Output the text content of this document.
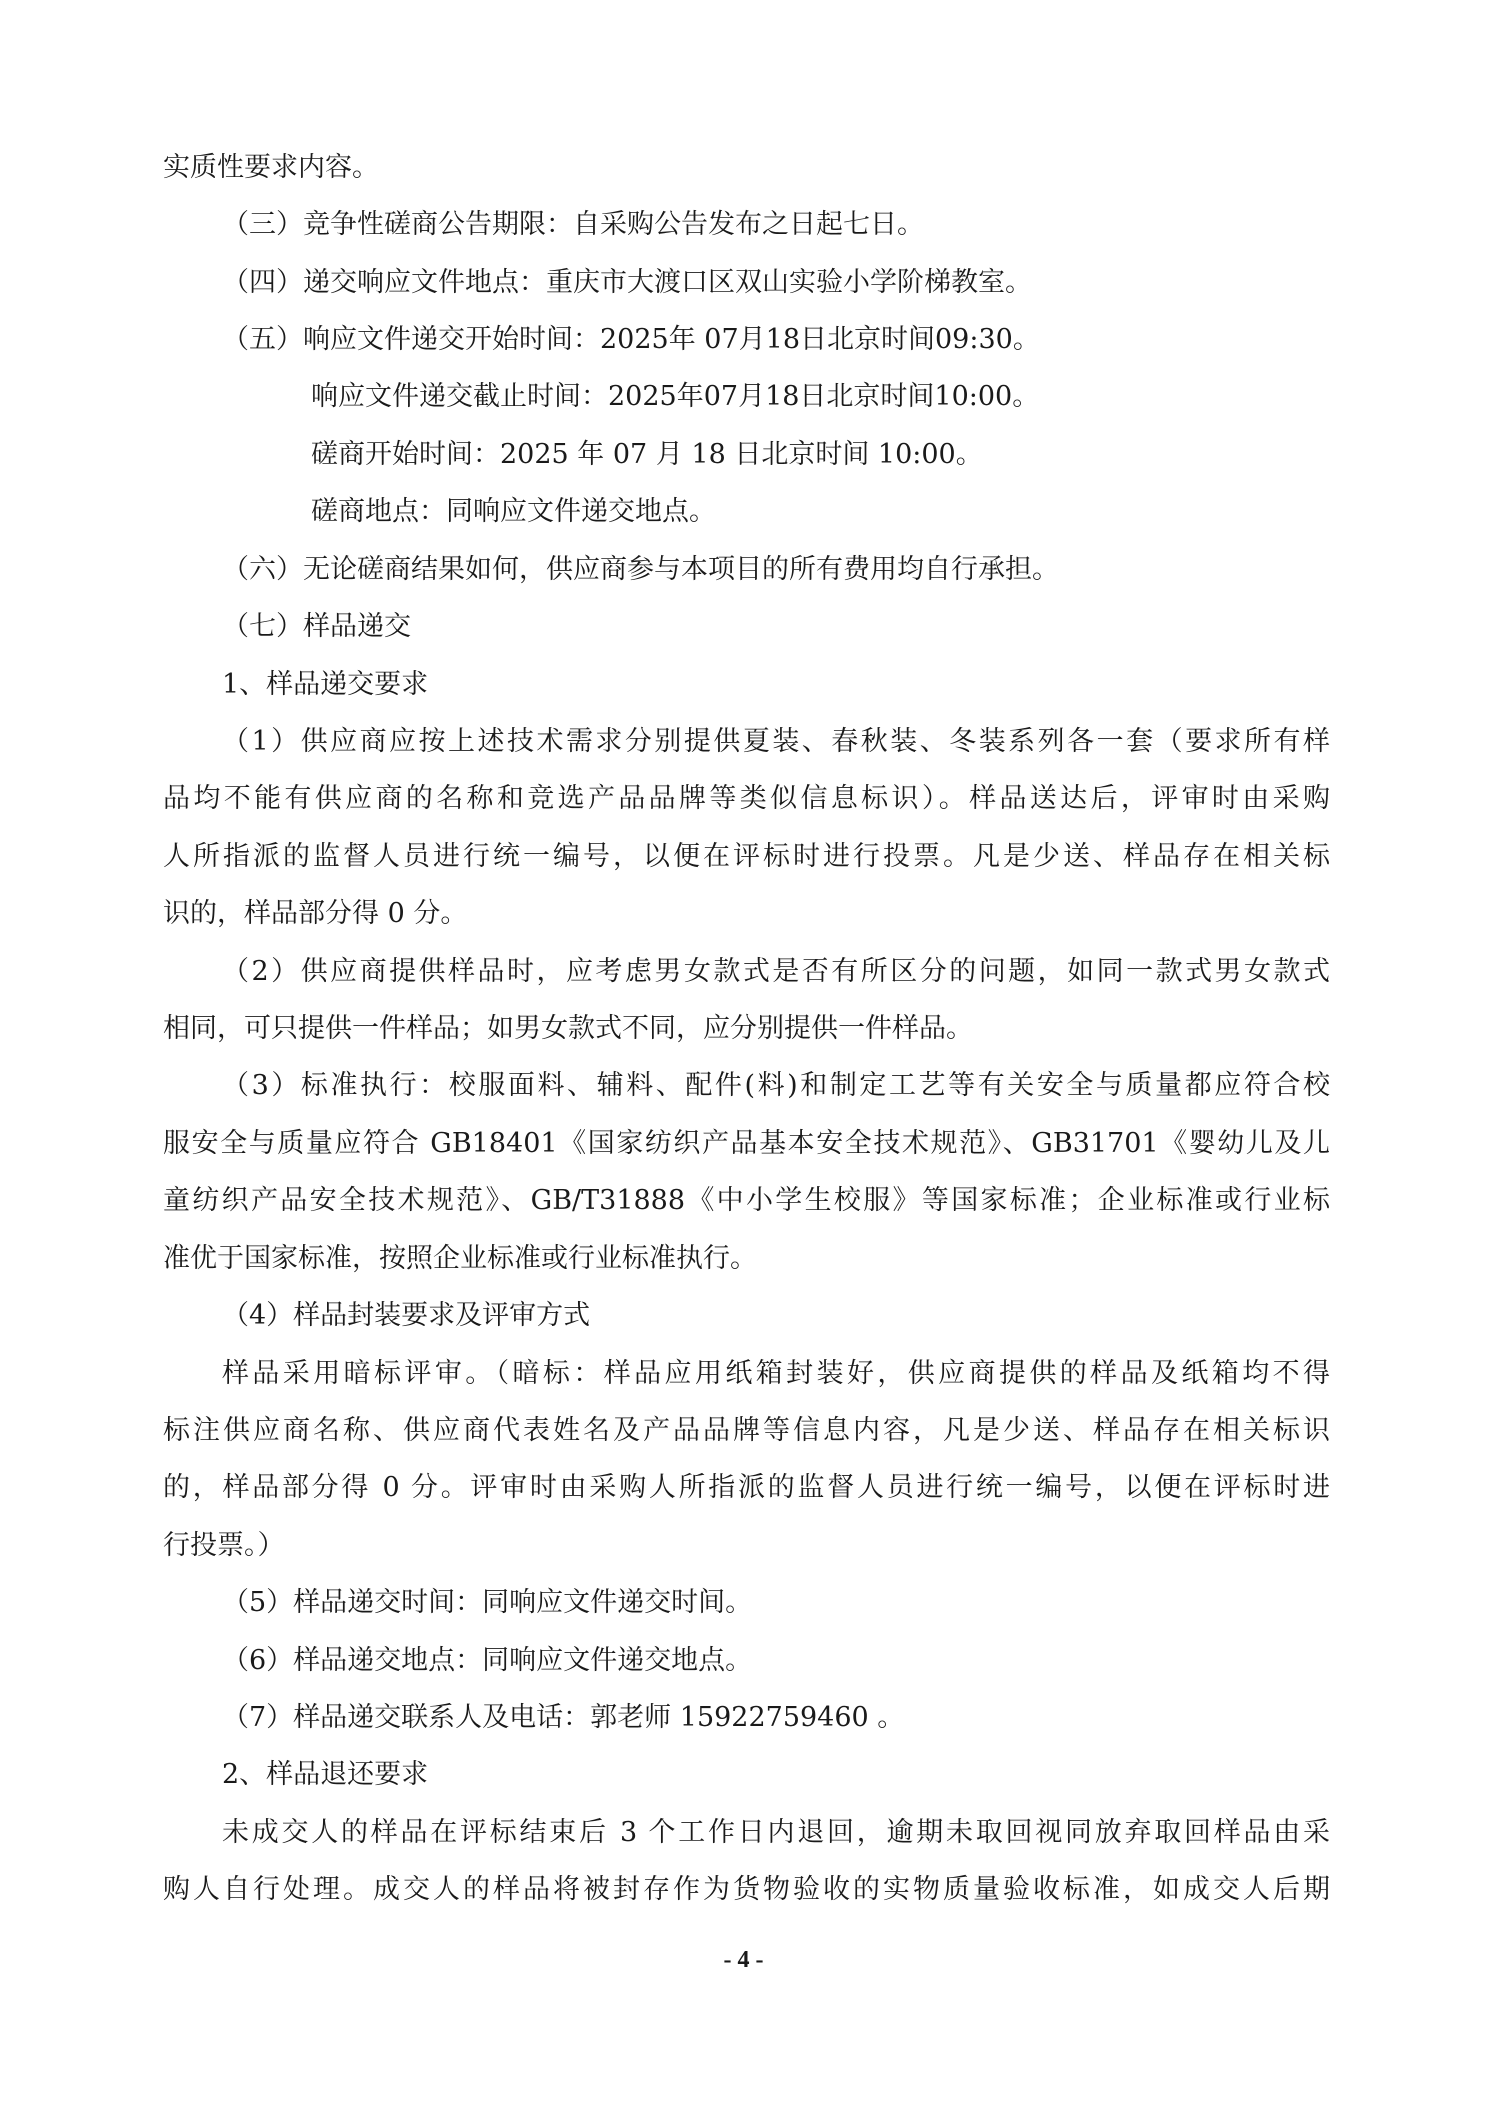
实质性要求内容。
（三）竞争性磋商公告期限：自采购公告发布之日起七日。
（四）递交响应文件地点：重庆市大渡口区双山实验小学阶梯教室。
（五）响应文件递交开始时间：2025年 07月18日北京时间09:30。
响应文件递交截止时间：2025年07月18日北京时间10:00。
磋商开始时间：2025 年 07 月 18 日北京时间 10:00。
磋商地点：同响应文件递交地点。
（六）无论磋商结果如何，供应商参与本项目的所有费用均自行承担。
（七）样品递交
1、样品递交要求
（1）供应商应按上述技术需求分别提供夏装、春秋装、冬装系列各一套（要求所有样
品均不能有供应商的名称和竞选产品品牌等类似信息标识）。样品送达后，评审时由采购
人所指派的监督人员进行统一编号，以便在评标时进行投票。凡是少送、样品存在相关标
识的，样品部分得 0 分。
（2）供应商提供样品时，应考虑男女款式是否有所区分的问题，如同一款式男女款式
相同，可只提供一件样品；如男女款式不同，应分别提供一件样品。
（3）标准执行：校服面料、辅料、配件(料)和制定工艺等有关安全与质量都应符合校
服安全与质量应符合 GB18401《国家纺织产品基本安全技术规范》、GB31701《婴幼儿及儿
童纺织产品安全技术规范》、GB/T31888《中小学生校服》等国家标准；企业标准或行业标
准优于国家标准，按照企业标准或行业标准执行。
（4）样品封装要求及评审方式
样品采用暗标评审。（暗标：样品应用纸箱封装好，供应商提供的样品及纸箱均不得
标注供应商名称、供应商代表姓名及产品品牌等信息内容，凡是少送、样品存在相关标识
的，样品部分得 0 分。评审时由采购人所指派的监督人员进行统一编号，以便在评标时进
行投票。）
（5）样品递交时间：同响应文件递交时间。
（6）样品递交地点：同响应文件递交地点。
（7）样品递交联系人及电话：郭老师 15922759460 。
2、样品退还要求
未成交人的样品在评标结束后 3 个工作日内退回，逾期未取回视同放弃取回样品由采
购人自行处理。成交人的样品将被封存作为货物验收的实物质量验收标准，如成交人后期
- 4 -
